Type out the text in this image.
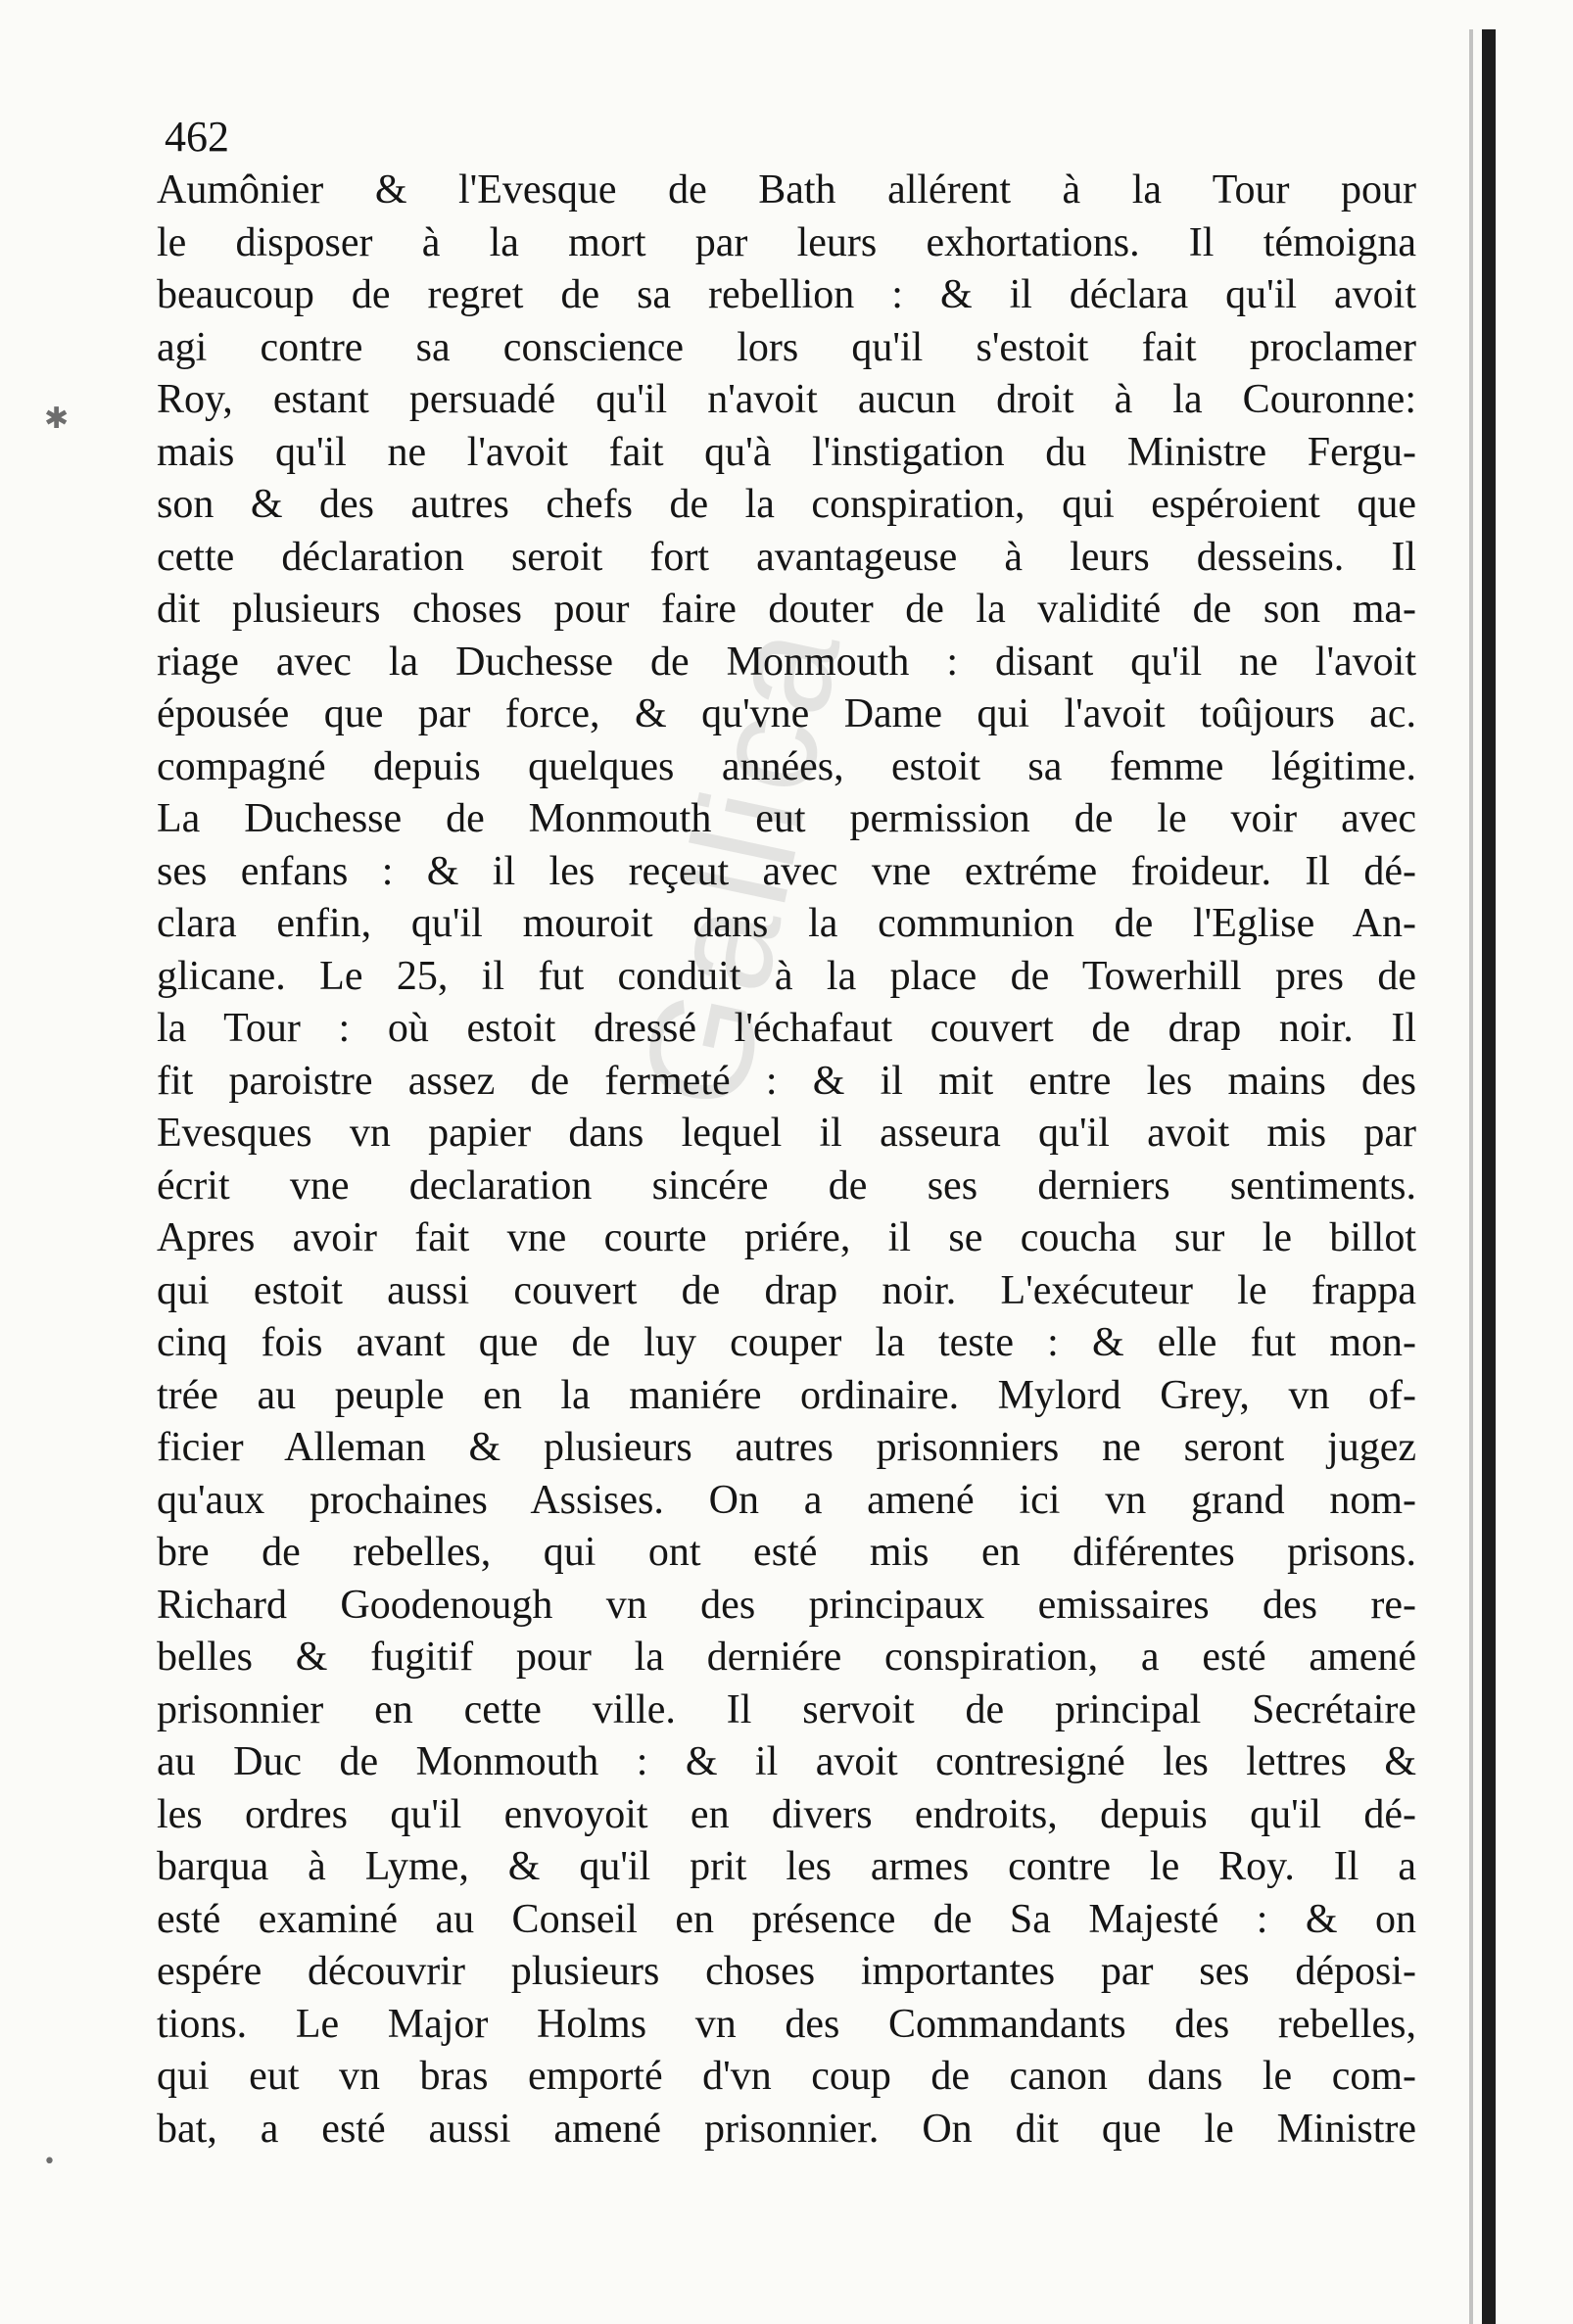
✱
•
462
Gallica
Aumônier & l'Evesque de Bath allérent à la Tour pour
le disposer à la mort par leurs exhortations. Il témoigna
beaucoup de regret de sa rebellion : & il déclara qu'il avoit
agi contre sa conscience lors qu'il s'estoit fait proclamer
Roy, estant persuadé qu'il n'avoit aucun droit à la Couronne:
mais qu'il ne l'avoit fait qu'à l'instigation du Ministre Fergu-
son & des autres chefs de la conspiration, qui espéroient que
cette déclaration seroit fort avantageuse à leurs desseins. Il
dit plusieurs choses pour faire douter de la validité de son ma-
riage avec la Duchesse de Monmouth : disant qu'il ne l'avoit
épousée que par force, & qu'vne Dame qui l'avoit toûjours ac.
compagné depuis quelques années, estoit sa femme légitime.
La Duchesse de Monmouth eut permission de le voir avec
ses enfans : & il les reçeut avec vne extréme froideur. Il dé-
clara enfin, qu'il mouroit dans la communion de l'Eglise An-
glicane. Le 25, il fut conduit à la place de Towerhill pres de
la Tour : où estoit dressé l'échafaut couvert de drap noir. Il
fit paroistre assez de fermeté : & il mit entre les mains des
Evesques vn papier dans lequel il asseura qu'il avoit mis par
écrit vne declaration sincére de ses derniers sentiments.
Apres avoir fait vne courte priére, il se coucha sur le billot
qui estoit aussi couvert de drap noir. L'exécuteur le frappa
cinq fois avant que de luy couper la teste : & elle fut mon-
trée au peuple en la maniére ordinaire. Mylord Grey, vn of-
ficier Alleman & plusieurs autres prisonniers ne seront jugez
qu'aux prochaines Assises. On a amené ici vn grand nom-
bre de rebelles, qui ont esté mis en diférentes prisons.
Richard Goodenough vn des principaux emissaires des re-
belles & fugitif pour la derniére conspiration, a esté amené
prisonnier en cette ville. Il servoit de principal Secrétaire
au Duc de Monmouth : & il avoit contresigné les lettres &
les ordres qu'il envoyoit en divers endroits, depuis qu'il dé-
barqua à Lyme, & qu'il prit les armes contre le Roy. Il a
esté examiné au Conseil en présence de Sa Majesté : & on
espére découvrir plusieurs choses importantes par ses déposi-
tions. Le Major Holms vn des Commandants des rebelles,
qui eut vn bras emporté d'vn coup de canon dans le com-
bat, a esté aussi amené prisonnier. On dit que le Ministre
